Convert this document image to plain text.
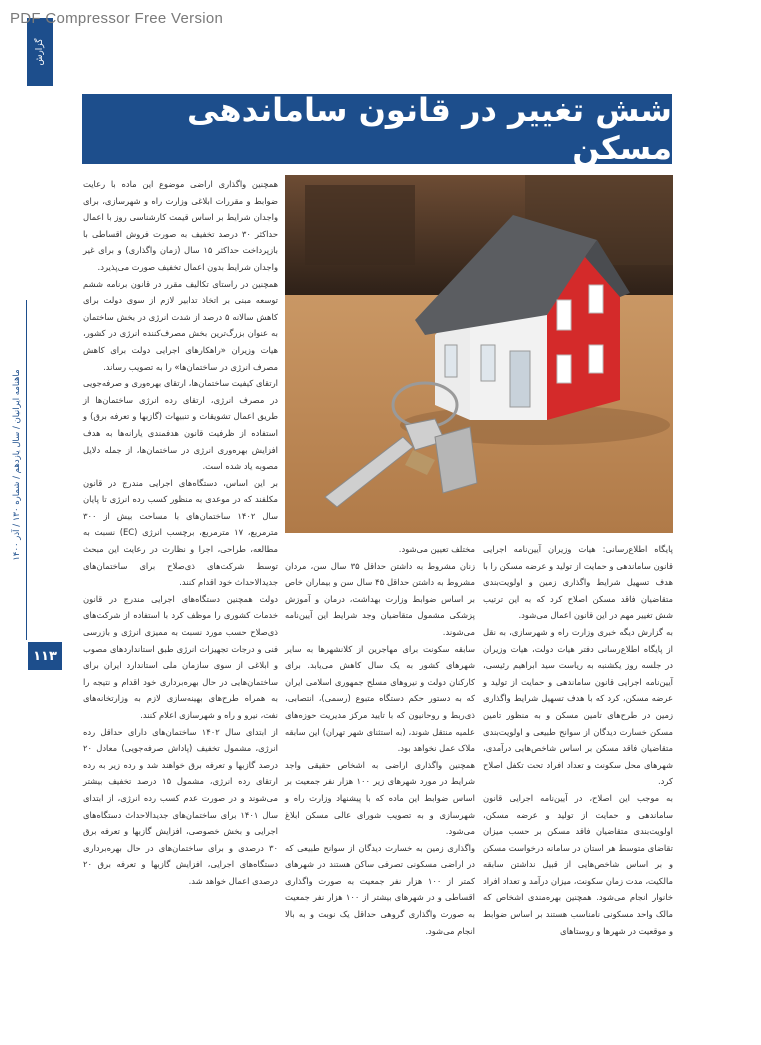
PDF Compressor Free Version
گزارش
ماهنامه ایرانیان / سال یازدهم / شماره ۱۳۰ / آذر ۱۴۰۰
۱۱۳
شش تغییر در قانون ساماندهی مسکن

همچنین واگذاری اراضی موضوع این ماده با رعایت ضوابط و مقررات ابلاغی وزارت راه و شهرسازی، برای واجدان شرایط بر اساس قیمت کارشناسی روز با اعمال حداکثر ۳۰ درصد تخفیف به صورت فروش اقساطی با بازپرداخت حداکثر ۱۵ سال (زمان واگذاری) و برای غیر واجدان شرایط بدون اعمال تخفیف صورت می‌پذیرد.

همچنین در راستای تکالیف مقرر در قانون برنامه ششم توسعه مبنی بر اتخاذ تدابیر لازم از سوی دولت برای کاهش سالانه ۵ درصد از شدت انرژی در بخش ساختمان به عنوان بزرگ‌ترین بخش مصرف‌کننده انرژی در کشور، هیات وزیران «راهکارهای اجرایی دولت برای کاهش مصرف انرژی در ساختمان‌ها» را به تصویب رساند.

ارتقای کیفیت ساختمان‌ها، ارتقای بهره‌وری و صرفه‌جویی در مصرف انرژی، ارتقای رده انرژی ساختمان‌ها از طریق اعمال تشویقات و تنبیهات (گازبها و تعرفه برق) و استفاده از ظرفیت قانون هدفمندی یارانه‌ها به هدف افزایش بهره‌وری انرژی در ساختمان‌ها، از جمله دلایل مصوبه یاد شده است.

بر این اساس، دستگاه‌های اجرایی مندرج در قانون مکلفند که در موعدی به منظور کسب رده انرژی تا پایان سال ۱۴۰۲ ساختمان‌های با مساحت بیش از ۳۰۰ مترمربع، ۱۷ مترمربع، برچسب انرژی (EC) نسبت به مطالعه، طراحی، اجرا و نظارت در رعایت این مبحث توسط شرکت‌های ذی‌صلاح برای ساختمان‌های جدیدالاحداث خود اقدام کنند.

دولت همچنین دستگاه‌های اجرایی مندرج در قانون خدمات کشوری را موظف کرد با استفاده از شرکت‌های ذی‌صلاح حسب مورد نسبت به ممیزی انرژی و بازرسی فنی و درجات تجهیزات انرژی طبق استانداردهای مصوب و ابلاغی از سوی سازمان ملی استاندارد ایران برای ساختمان‌هایی در حال بهره‌برداری خود اقدام و نتیجه را به همراه طرح‌های بهینه‌سازی لازم به وزارتخانه‌های نفت، نیرو و راه و شهرسازی اعلام کنند.

از ابتدای سال ۱۴۰۲ ساختمان‌های دارای حداقل رده انرژی، مشمول تخفیف (پاداش صرفه‌جویی) معادل ۲۰ درصد گازبها و تعرفه برق خواهند شد و رده زیر به رده ارتقای رده انرژی، مشمول ۱۵ درصد تخفیف بیشتر می‌شوند و در صورت عدم کسب رده انرژی، از ابتدای سال ۱۴۰۱ برای ساختمان‌های جدیدالاحداث دستگاه‌های اجرایی و بخش خصوصی، افزایش گازبها و تعرفه برق ۳۰ درصدی و برای ساختمان‌های در حال بهره‌برداری دستگاه‌های اجرایی، افزایش گازبها و تعرفه برق ۲۰ درصدی اعمال خواهد شد.

مختلف تعیین می‌شود.

زنان مشروط به داشتن حداقل ۳۵ سال سن، مردان مشروط به داشتن حداقل ۴۵ سال سن و بیماران خاص بر اساس ضوابط وزارت بهداشت، درمان و آموزش پزشکی مشمول متقاضیان وجد شرایط این آیین‌نامه می‌شوند.

سابقه سکونت برای مهاجرین از کلانشهرها به سایر شهرهای کشور به یک سال کاهش می‌یابد. برای کارکنان دولت و نیروهای مسلح جمهوری اسلامی ایران که به دستور حکم دستگاه متبوع (رسمی)، انتصابی، ذی‌ربط و روحانیون که با تایید مرکز مدیریت حوزه‌های علمیه منتقل شوند، (به استثنای شهر تهران) این سابقه ملاک عمل نخواهد بود.

همچنین واگذاری اراضی به اشخاص حقیقی واجد شرایط در مورد شهرهای زیر ۱۰۰ هزار نفر جمعیت بر اساس ضوابط این ماده که با پیشنهاد وزارت راه و شهرسازی و به تصویب شورای عالی مسکن ابلاغ می‌شود.

واگذاری زمین به خسارت دیدگان از سوانح طبیعی که در اراضی مسکونی تصرفی ساکن هستند در شهرهای کمتر از ۱۰۰ هزار نفر جمعیت به صورت واگذاری اقساطی و در شهرهای بیشتر از ۱۰۰ هزار نفر جمعیت به صورت واگذاری گروهی حداقل یک نوبت و به بالا انجام می‌شود.

پایگاه اطلاع‌رسانی: هیات وزیران آیین‌نامه اجرایی قانون ساماندهی و حمایت از تولید و عرضه مسکن را با هدف تسهیل شرایط واگذاری زمین و اولویت‌بندی متقاضیان فاقد مسکن اصلاح کرد که به این ترتیب شش تغییر مهم در این قانون اعمال می‌شود.

به گزارش دیگه خبری وزارت راه و شهرسازی، به نقل از پایگاه اطلاع‌رسانی دفتر هیات دولت، هیات وزیران در جلسه روز یکشنبه به ریاست سید ابراهیم رئیسی، آیین‌نامه اجرایی قانون ساماندهی و حمایت از تولید و عرضه مسکن، کرد که با هدف تسهیل شرایط واگذاری زمین در طرح‌های تامین مسکن و به منظور تامین مسکن خسارت دیدگان از سوانح طبیعی و اولویت‌بندی متقاضیان فاقد مسکن بر اساس شاخص‌هایی درآمدی، شهرهای محل سکونت و تعداد افراد تحت تکفل اصلاح کرد.

به موجب این اصلاح، در آیین‌نامه اجرایی قانون ساماندهی و حمایت از تولید و عرضه مسکن، اولویت‌بندی متقاضیان فاقد مسکن بر حسب میزان تقاضای متوسط هر استان در سامانه درخواست مسکن و بر اساس شاخص‌هایی از قبیل نداشتن سابقه مالکیت، مدت زمان سکونت، میزان درآمد و تعداد افراد خانوار انجام می‌شود. همچنین بهره‌مندی اشخاص که مالک واحد مسکونی نامناسب هستند بر اساس ضوابط و موقعیت در شهرها و روستاهای
